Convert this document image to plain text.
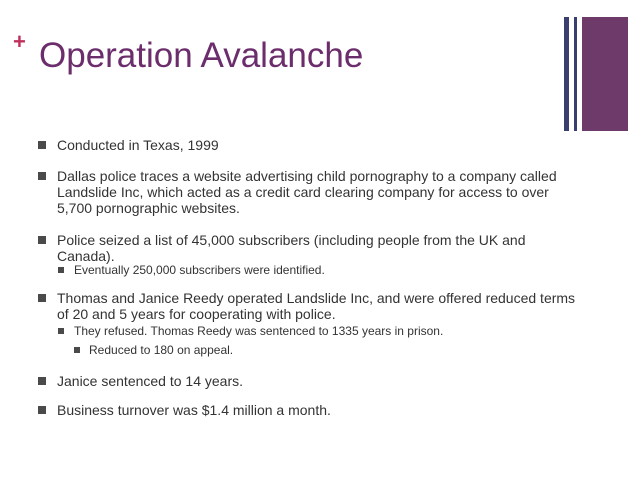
+ Operation Avalanche
Conducted in Texas, 1999
Dallas police traces a website advertising child pornography to a company called Landslide Inc, which acted as a credit card clearing company for access to over 5,700 pornographic websites.
Police seized a list of 45,000 subscribers (including people from the UK and Canada).
Eventually 250,000 subscribers were identified.
Thomas and Janice Reedy operated Landslide Inc, and were offered reduced terms of 20 and 5 years for cooperating with police.
They refused. Thomas Reedy was sentenced to 1335 years in prison.
Reduced to 180 on appeal.
Janice sentenced to 14 years.
Business turnover was $1.4 million a month.
